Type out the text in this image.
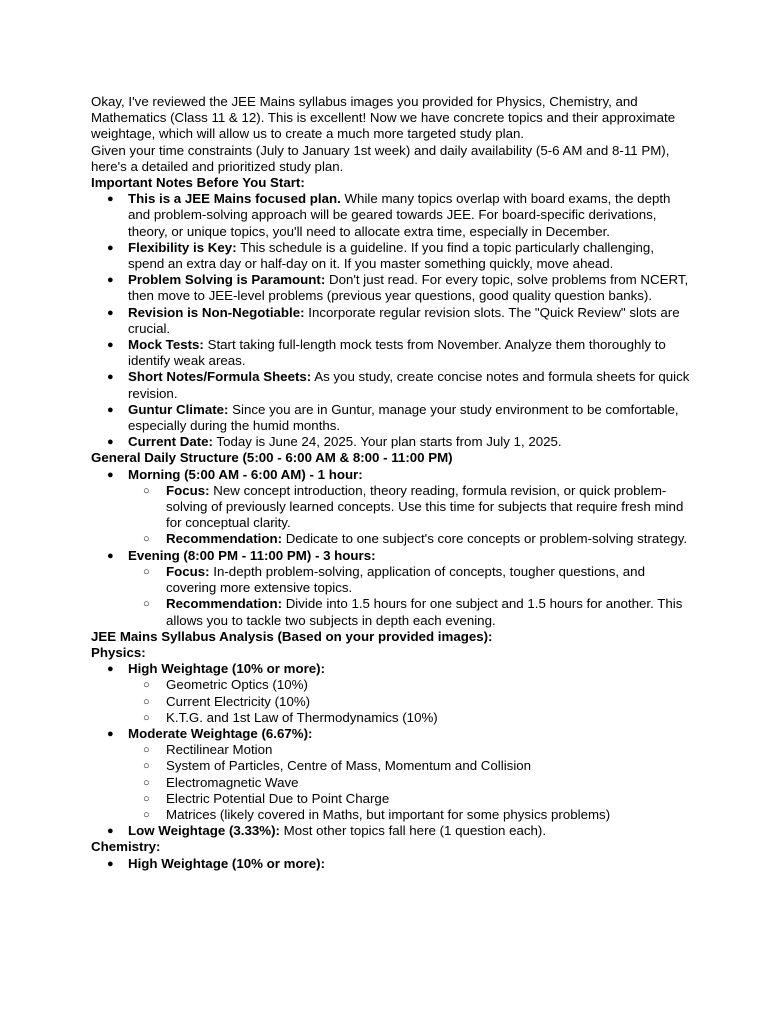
Okay, I've reviewed the JEE Mains syllabus images you provided for Physics, Chemistry, and Mathematics (Class 11 & 12). This is excellent! Now we have concrete topics and their approximate weightage, which will allow us to create a much more targeted study plan.

Given your time constraints (July to January 1st week) and daily availability (5-6 AM and 8-11 PM), here's a detailed and prioritized study plan.

Important Notes Before You Start:

● This is a JEE Mains focused plan. While many topics overlap with board exams, the depth and problem-solving approach will be geared towards JEE. For board-specific derivations, theory, or unique topics, you'll need to allocate extra time, especially in December.
● Flexibility is Key: This schedule is a guideline. If you find a topic particularly challenging, spend an extra day or half-day on it. If you master something quickly, move ahead.
● Problem Solving is Paramount: Don't just read. For every topic, solve problems from NCERT, then move to JEE-level problems (previous year questions, good quality question banks).
● Revision is Non-Negotiable: Incorporate regular revision slots. The "Quick Review" slots are crucial.
● Mock Tests: Start taking full-length mock tests from November. Analyze them thoroughly to identify weak areas.
● Short Notes/Formula Sheets: As you study, create concise notes and formula sheets for quick revision.
● Guntur Climate: Since you are in Guntur, manage your study environment to be comfortable, especially during the humid months.
● Current Date: Today is June 24, 2025. Your plan starts from July 1, 2025.

General Daily Structure (5:00 - 6:00 AM & 8:00 - 11:00 PM)

● Morning (5:00 AM - 6:00 AM) - 1 hour:
○ Focus: New concept introduction, theory reading, formula revision, or quick problem-solving of previously learned concepts. Use this time for subjects that require fresh mind for conceptual clarity.
○ Recommendation: Dedicate to one subject's core concepts or problem-solving strategy.
● Evening (8:00 PM - 11:00 PM) - 3 hours:
○ Focus: In-depth problem-solving, application of concepts, tougher questions, and covering more extensive topics.
○ Recommendation: Divide into 1.5 hours for one subject and 1.5 hours for another. This allows you to tackle two subjects in depth each evening.

JEE Mains Syllabus Analysis (Based on your provided images):

Physics:

● High Weightage (10% or more):
○ Geometric Optics (10%)
○ Current Electricity (10%)
○ K.T.G. and 1st Law of Thermodynamics (10%)
● Moderate Weightage (6.67%):
○ Rectilinear Motion
○ System of Particles, Centre of Mass, Momentum and Collision
○ Electromagnetic Wave
○ Electric Potential Due to Point Charge
○ Matrices (likely covered in Maths, but important for some physics problems)
● Low Weightage (3.33%): Most other topics fall here (1 question each).

Chemistry:

● High Weightage (10% or more):
